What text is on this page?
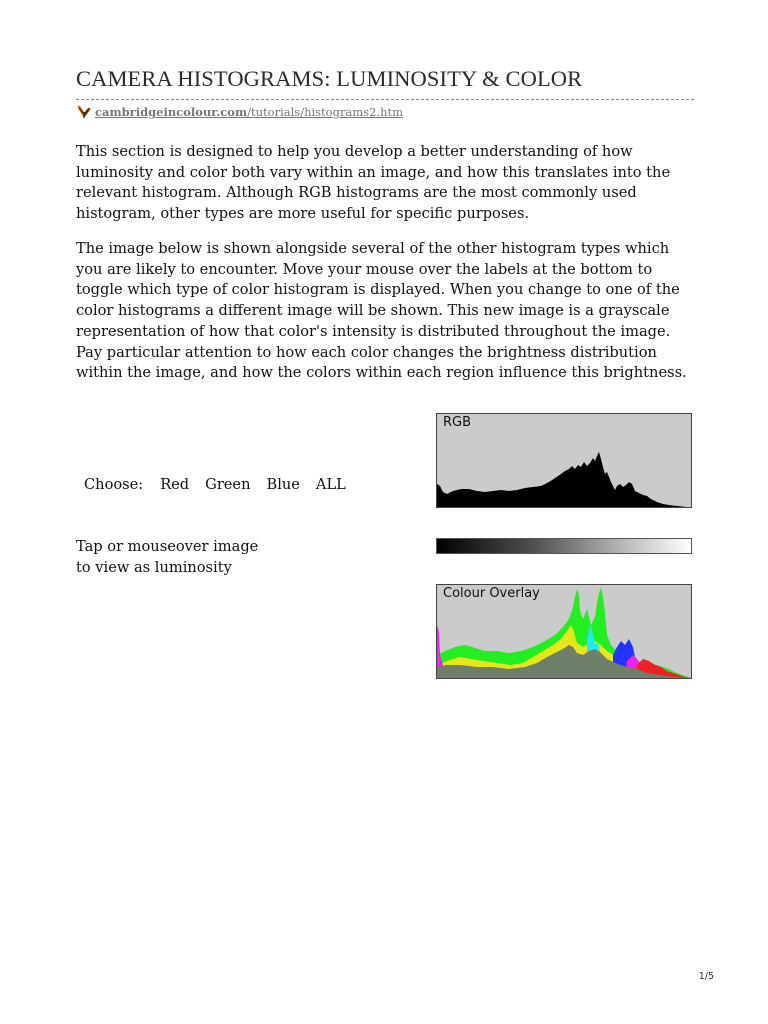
CAMERA HISTOGRAMS: LUMINOSITY & COLOR
cambridgeincolour.com/tutorials/histograms2.htm

This section is designed to help you develop a better understanding of how luminosity and color both vary within an image, and how this translates into the relevant histogram. Although RGB histograms are the most commonly used histogram, other types are more useful for specific purposes.

The image below is shown alongside several of the other histogram types which you are likely to encounter. Move your mouse over the labels at the bottom to toggle which type of color histogram is displayed. When you change to one of the color histograms a different image will be shown. This new image is a grayscale representation of how that color's intensity is distributed throughout the image. Pay particular attention to how each color changes the brightness distribution within the image, and how the colors within each region influence this brightness.

Choose: Red Green Blue ALL

Tap or mouseover image
to view as luminosity

RGB
Colour Overlay
1/5
